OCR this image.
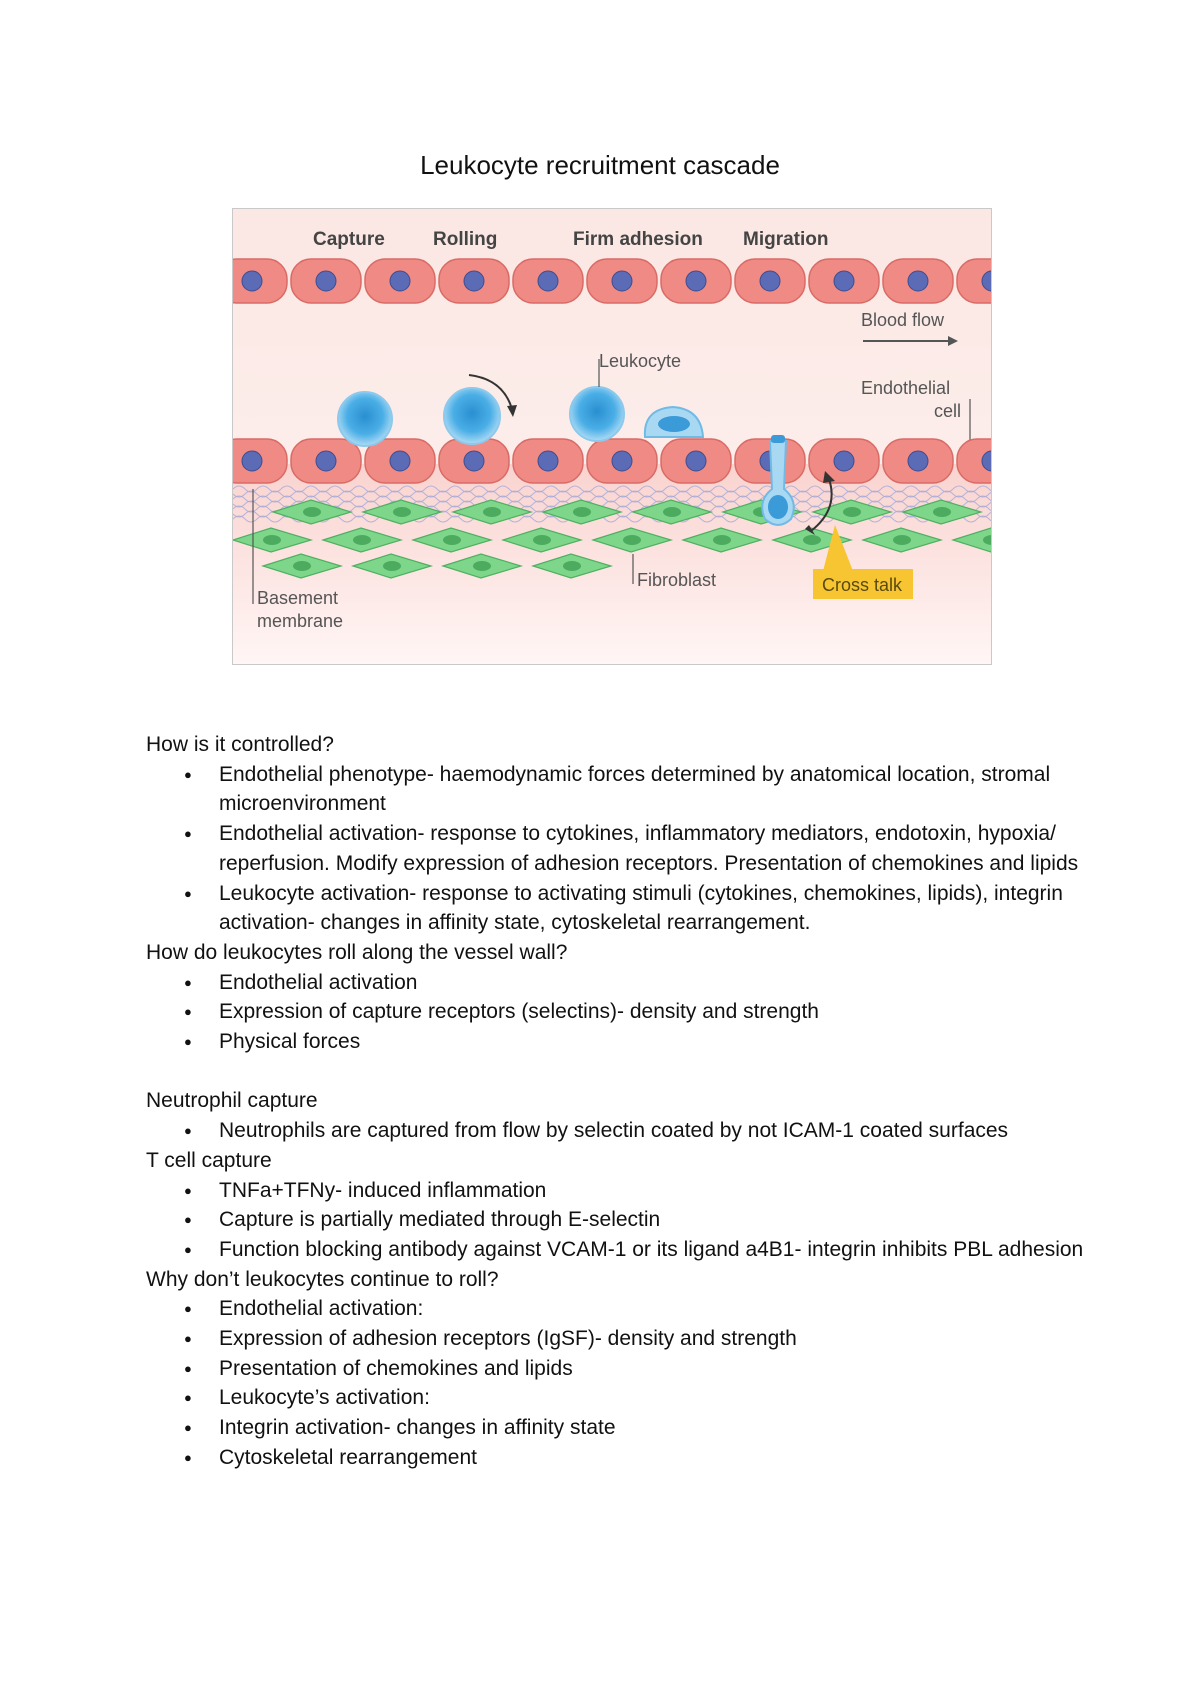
Leukocyte recruitment cascade
Capture	Rolling	Firm adhesion Migration
Blood flow
Endothelial
cell
Leukocyte
Fibroblast	Cross talk
Basement
membrane

How is it controlled?

● Endothelial phenotype- haemodynamic forces determined by anatomical location, stromal microenvironment
● Endothelial activation- response to cytokines, inflammatory mediators, endotoxin, hypoxia/ reperfusion. Modify expression of adhesion receptors. Presentation of chemokines and lipids
● Leukocyte activation- response to activating stimuli (cytokines, chemokines, lipids), integrin activation- changes in affinity state, cytoskeletal rearrangement.

How do leukocytes roll along the vessel wall?

● Endothelial activation
● Expression of capture receptors (selectins)- density and strength
● Physical forces

Neutrophil capture

● Neutrophils are captured from flow by selectin coated by not ICAM-1 coated surfaces

T cell capture

● TNFa+TFNy- induced inflammation
● Capture is partially mediated through E-selectin
● Function blocking antibody against VCAM-1 or its ligand a4B1- integrin inhibits PBL adhesion

Why don’t leukocytes continue to roll?

● Endothelial activation:
● Expression of adhesion receptors (IgSF)- density and strength
● Presentation of chemokines and lipids
● Leukocyte’s activation:
● Integrin activation- changes in affinity state
● Cytoskeletal rearrangement
